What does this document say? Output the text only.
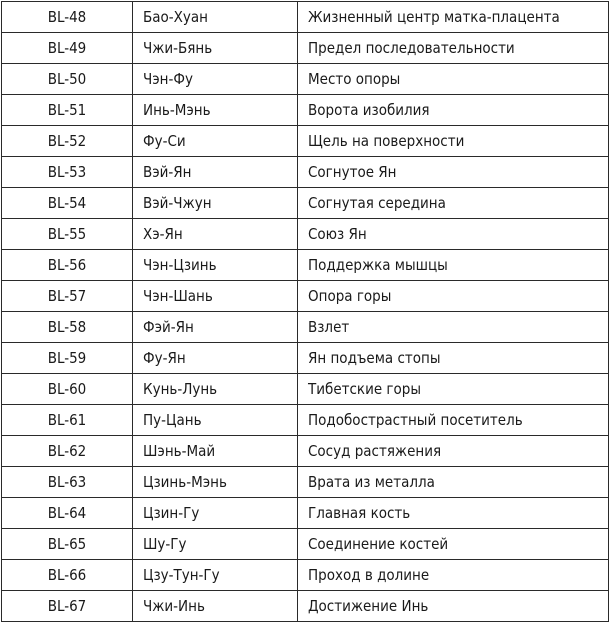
BL-48	Бао-Хуан	Жизненный центр матка-плацента
BL-49	Чжи-Бянь	Предел последовательности
BL-50	Чэн-Фу	Место опоры
BL-51	Инь-Мэнь	Ворота изобилия
BL-52	Фу-Си	Щель на поверхности
BL-53	Вэй-Ян	Согнутое Ян
BL-54	Вэй-Чжун	Согнутая середина
BL-55	Хэ-Ян	Союз Ян
BL-56	Чэн-Цзинь	Поддержка мышцы
BL-57	Чэн-Шань	Опора горы
BL-58	Фэй-Ян	Взлет
BL-59	Фу-Ян	Ян подъема стопы
BL-60	Кунь-Лунь	Тибетские горы
BL-61	Пу-Цань	Подобострастный посетитель
BL-62	Шэнь-Май	Сосуд растяжения
BL-63	Цзинь-Мэнь	Врата из металла
BL-64	Цзин-Гу	Главная кость
BL-65	Шу-Гу	Соединение костей
BL-66	Цзу-Тун-Гу	Проход в долине
BL-67	Чжи-Инь	Достижение Инь
